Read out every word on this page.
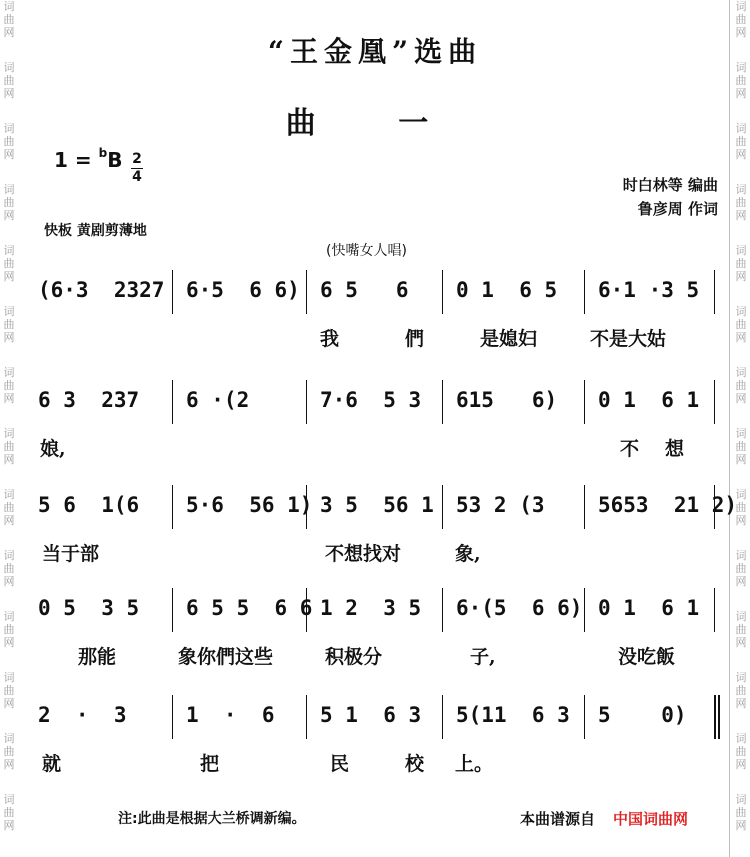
词曲网
词曲网
词曲网
词曲网
词曲网
词曲网
词曲网
词曲网
词曲网
词曲网
词曲网
词曲网
词曲网
词曲网
词曲网
词曲网
词曲网
词曲网
词曲网
词曲网
词曲网
词曲网
词曲网
词曲网
词曲网
词曲网
词曲网
词曲网
“王金凰”选曲
曲 一
1 = $^b$B 2
4	时白林等 编曲
鲁彦周 作词
快板 黄剧剪薄地
(快嘴女人唱)
(6·3  2327 6·5  6 6) 6 5   6 0 1  6 5 6·1 ·3 5
我	們	是媳妇	不是大姑
6 3  237 6 ·(2	7·6  5 3 615   6) 0 1  6 1
娘,	不 想
5 6  1(6 5·6  56 1) 3 5  56 1 53 2 (3	5653  21 2)
当于部	不想找对	象,
0 5  3 5 6 5 5  6 6 1 2  3 5 6·(5  6 6) 0 1  6 1
那能	象你們这些	积极分	子,	没吃飯
2  ·  3	1  ·  6 5 1  6 3 5(11  6 3 5    0)
就	把	民	校 上。
注:此曲是根据大兰桥调新编。	本曲谱源自 中国词曲网
